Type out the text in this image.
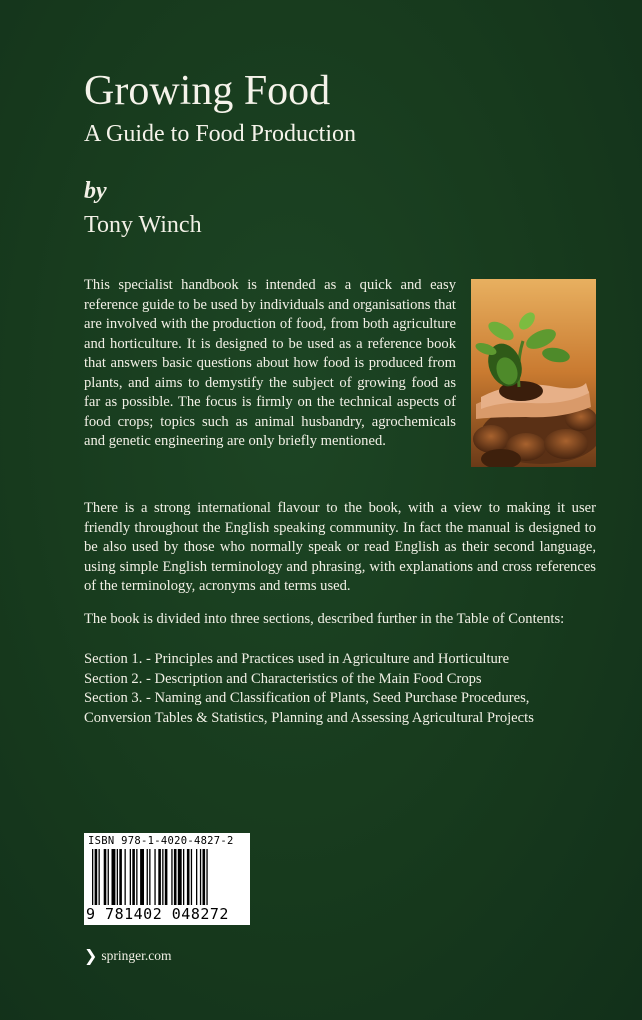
Growing Food
A Guide to Food Production
by
Tony Winch

This specialist handbook is intended as a quick and easy reference guide to be used by individuals and organisations that are involved with the production of food, from both agriculture and horticulture. It is designed to be used as a reference book that answers basic questions about how food is produced from plants, and aims to demystify the subject of growing food as far as possible. The focus is firmly on the technical aspects of food crops; topics such as animal husbandry, agrochemicals and genetic engineering are only briefly mentioned.

There is a strong international flavour to the book, with a view to making it user friendly throughout the English speaking community. In fact the manual is designed to be also used by those who normally speak or read English as their second language, using simple English terminology and phrasing, with explanations and cross references of the terminology, acronyms and terms used.

The book is divided into three sections, described further in the Table of Contents:

Section 1. - Principles and Practices used in Agriculture and Horticulture
Section 2. - Description and Characteristics of the Main Food Crops
Section 3. - Naming and Classification of Plants, Seed Purchase Procedures,
Conversion Tables & Statistics, Planning and Assessing Agricultural Projects
ISBN 978-1-4020-4827-2
9 781402 048272
❯ springer.com
